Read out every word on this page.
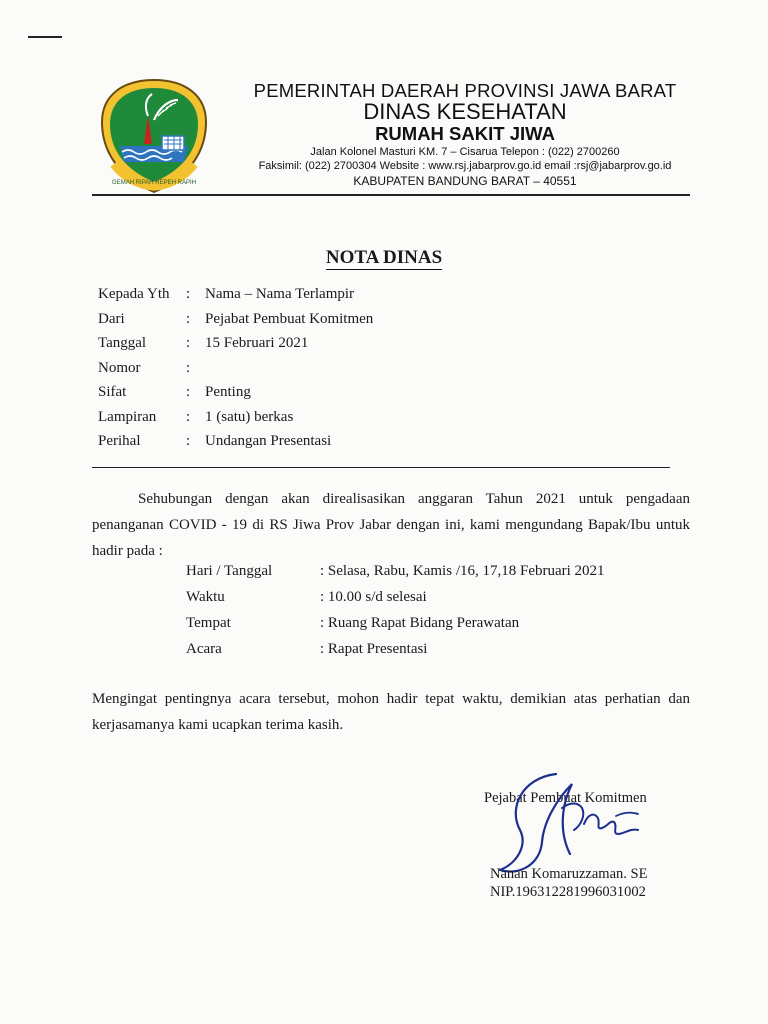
GEMAH RIPAH REPEH RAPIH
PEMERINTAH DAERAH PROVINSI JAWA BARAT
DINAS KESEHATAN
RUMAH SAKIT JIWA
Jalan Kolonel Masturi KM. 7 – Cisarua Telepon : (022) 2700260
Faksimil: (022) 2700304 Website : www.rsj.jabarprov.go.id email :rsj@jabarprov.go.id
KABUPATEN BANDUNG BARAT – 40551
NOTA DINAS
Kepada Yth : Nama – Nama Terlampir
Dari	: Pejabat Pembuat Komitmen
Tanggal	: 15 Februari 2021
Nomor	:
Sifat	: Penting
Lampiran : 1 (satu) berkas
Perihal	: Undangan Presentasi
Sehubungan dengan akan direalisasikan anggaran Tahun 2021 untuk pengadaan penanganan COVID - 19 di RS Jiwa Prov Jabar dengan ini, kami mengundang Bapak/Ibu untuk hadir pada :
Hari / Tanggal	: Selasa, Rabu, Kamis /16, 17,18 Februari 2021
Waktu	: 10.00 s/d selesai
Tempat	: Ruang Rapat Bidang Perawatan
Acara	: Rapat Presentasi
Mengingat pentingnya acara tersebut, mohon hadir tepat waktu, demikian atas perhatian dan kerjasamanya kami ucapkan terima kasih.
Pejabat Pembuat Komitmen
Nanan Komaruzzaman. SE
NIP.196312281996031002
